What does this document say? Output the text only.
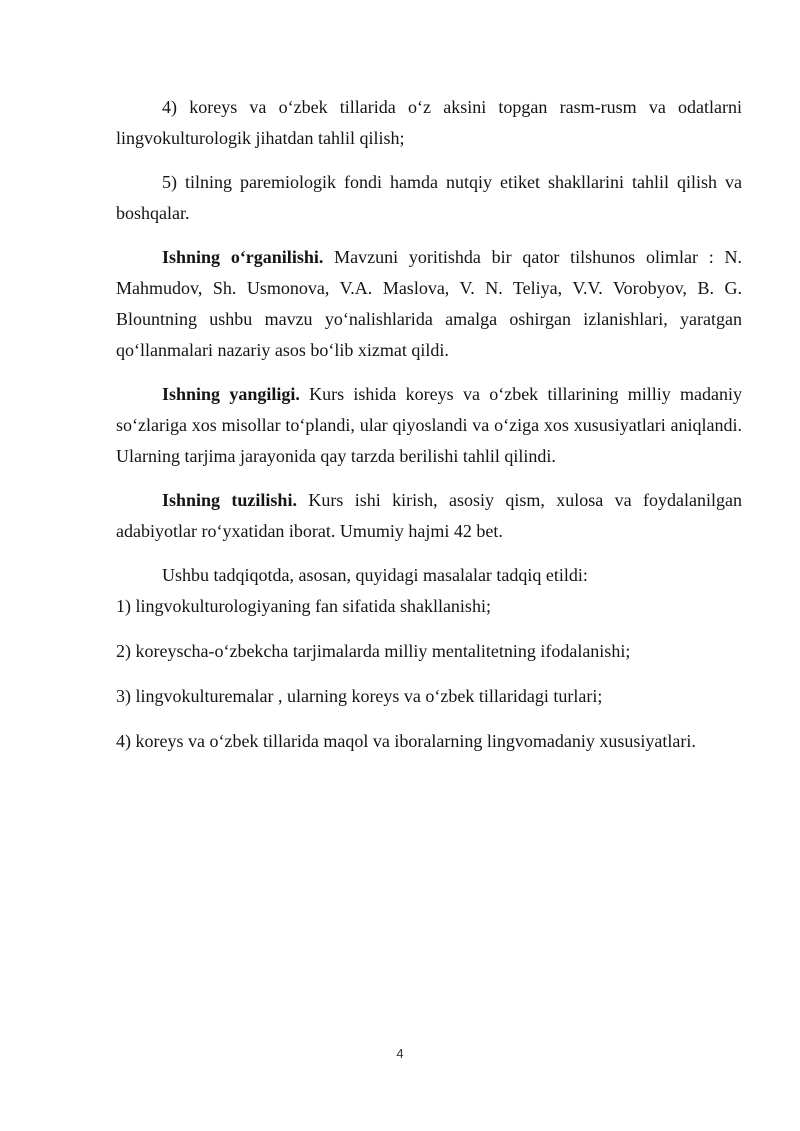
4) koreys va o‘zbek tillarida o‘z aksini topgan rasm-rusm va odatlarni lingvokulturologik jihatdan tahlil qilish;

5) tilning paremiologik fondi hamda nutqiy etiket shakllarini tahlil qilish va boshqalar.

Ishning o‘rganilishi. Mavzuni yoritishda bir qator tilshunos olimlar : N. Mahmudov, Sh. Usmonova, V.A. Maslova, V. N. Teliya, V.V. Vorobyov, B. G. Blountning ushbu mavzu yo‘nalishlarida amalga oshirgan izlanishlari, yaratgan qo‘llanmalari nazariy asos bo‘lib xizmat qildi.

Ishning yangiligi. Kurs ishida koreys va o‘zbek tillarining milliy madaniy so‘zlariga xos misollar to‘plandi, ular qiyoslandi va o‘ziga xos xususiyatlari aniqlandi. Ularning tarjima jarayonida qay tarzda berilishi tahlil qilindi.

Ishning tuzilishi. Kurs ishi kirish, asosiy qism, xulosa va foydalanilgan adabiyotlar ro‘yxatidan iborat. Umumiy hajmi 42 bet.

Ushbu tadqiqotda, asosan, quyidagi masalalar tadqiq etildi:

1) lingvokulturologiyaning fan sifatida shakllanishi;

2) koreyscha-o‘zbekcha tarjimalarda milliy mentalitetning ifodalanishi;

3) lingvokulturemalar , ularning koreys va o‘zbek tillaridagi turlari;

4) koreys va o‘zbek tillarida maqol va iboralarning lingvomadaniy xususiyatlari.

4
